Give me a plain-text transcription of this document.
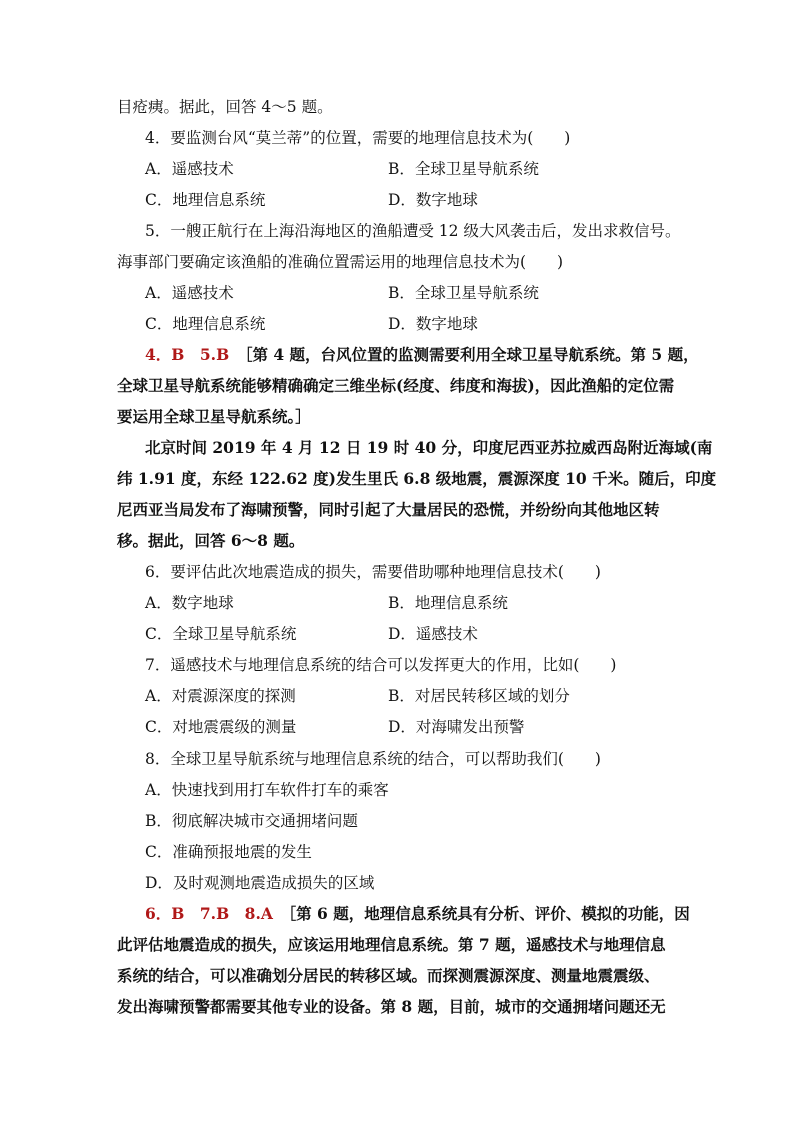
目疮痍。据此，回答 4～5 题。
4．要监测台风“莫兰蒂”的位置，需要的地理信息技术为(　　)
A．遥感技术	B．全球卫星导航系统
C．地理信息系统	D．数字地球
5．一艘正航行在上海沿海地区的渔船遭受 12 级大风袭击后，发出求救信号。
海事部门要确定该渔船的准确位置需运用的地理信息技术为(　　)
A．遥感技术	B．全球卫星导航系统
C．地理信息系统	D．数字地球
4．B　5.B　 ［第 4 题，台风位置的监测需要利用全球卫星导航系统。第 5 题，
全球卫星导航系统能够精确确定三维坐标(经度、纬度和海拔)，因此渔船的定位需
要运用全球卫星导航系统。］
北京时间 2019 年 4 月 12 日 19 时 40 分，印度尼西亚苏拉威西岛附近海域(南
纬 1.91 度，东经 122.62 度)发生里氏 6.8 级地震，震源深度 10 千米。随后，印度
尼西亚当局发布了海啸预警，同时引起了大量居民的恐慌，并纷纷向其他地区转
移。据此，回答 6～8 题。
6．要评估此次地震造成的损失，需要借助哪种地理信息技术(　　)
A．数字地球	B．地理信息系统
C．全球卫星导航系统	D．遥感技术
7．遥感技术与地理信息系统的结合可以发挥更大的作用，比如(　　)
A．对震源深度的探测	B．对居民转移区域的划分
C．对地震震级的测量	D．对海啸发出预警
8．全球卫星导航系统与地理信息系统的结合，可以帮助我们(　　)
A．快速找到用打车软件打车的乘客
B．彻底解决城市交通拥堵问题
C．准确预报地震的发生
D．及时观测地震造成损失的区域
6．B　7.B　8.A　 ［第 6 题，地理信息系统具有分析、评价、模拟的功能，因
此评估地震造成的损失，应该运用地理信息系统。第 7 题，遥感技术与地理信息
系统的结合，可以准确划分居民的转移区域。而探测震源深度、测量地震震级、
发出海啸预警都需要其他专业的设备。第 8 题，目前，城市的交通拥堵问题还无
